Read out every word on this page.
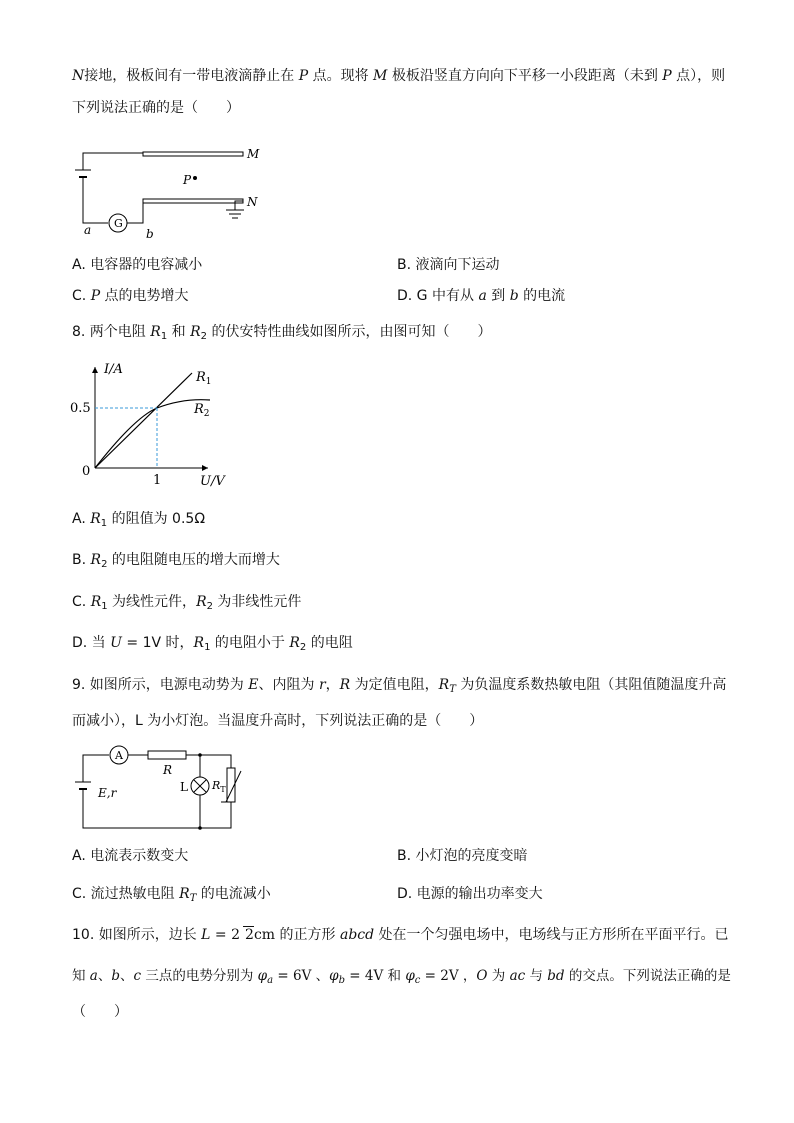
N接地，极板间有一带电液滴静止在 P 点。现将 M 极板沿竖直方向向下平移一小段距离（未到 P 点），则
下列说法正确的是（　　）
M
N
P
a	b
G
A. 电容器的电容减小	B. 液滴向下运动
C. P 点的电势增大	D. G 中有从 a 到 b 的电流
8. 两个电阻 $R_1$ 和 $R_2$ 的伏安特性曲线如图所示，由图可知（　　）
I/A
U/V
0
0.5
1
$R_1$
$R_2$
A. $R_1$ 的阻值为 0.5Ω
B. $R_2$ 的电阻随电压的增大而增大
C. $R_1$ 为线性元件，$R_2$ 为非线性元件
D. 当 U = 1V 时，$R_1$ 的电阻小于 $R_2$ 的电阻
9. 如图所示，电源电动势为 E、内阻为 r，R 为定值电阻，$R_T$ 为负温度系数热敏电阻（其阻值随温度升高
而减小），L 为小灯泡。当温度升高时，下列说法正确的是（　　）
A
R
L $R_T$
E,r
A. 电流表示数变大	B. 小灯泡的亮度变暗
C. 流过热敏电阻 $R_T$ 的电流减小	D. 电源的输出功率变大
10. 如图所示，边长 L = 2 2cm 的正方形 abcd 处在一个匀强电场中，电场线与正方形所在平面平行。已
知 a、b、c 三点的电势分别为 $\varphi_a = 6V$ 、$\varphi_b = 4V$ 和 $\varphi_c = 2V$ ，O 为 ac 与 bd 的交点。下列说法正确的是
（　　）
